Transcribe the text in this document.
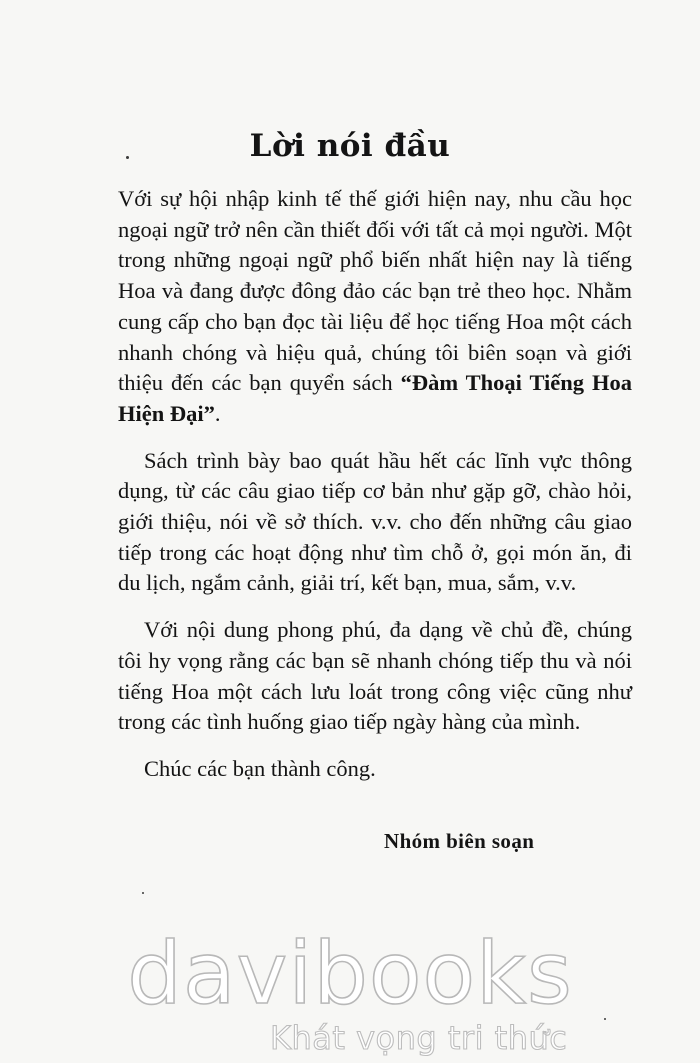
Lời nói đầu

Với sự hội nhập kinh tế thế giới hiện nay, nhu cầu học ngoại ngữ trở nên cần thiết đối với tất cả mọi người. Một trong những ngoại ngữ phổ biến nhất hiện nay là tiếng Hoa và đang được đông đảo các bạn trẻ theo học. Nhằm cung cấp cho bạn đọc tài liệu để học tiếng Hoa một cách nhanh chóng và hiệu quả, chúng tôi biên soạn và giới thiệu đến các bạn quyển sách “Đàm Thoại Tiếng Hoa Hiện Đại”.

Sách trình bày bao quát hầu hết các lĩnh vực thông dụng, từ các câu giao tiếp cơ bản như gặp gỡ, chào hỏi, giới thiệu, nói về sở thích. v.v. cho đến những câu giao tiếp trong các hoạt động như tìm chỗ ở, gọi món ăn, đi du lịch, ngắm cảnh, giải trí, kết bạn, mua, sắm, v.v.

Với nội dung phong phú, đa dạng về chủ đề, chúng tôi hy vọng rằng các bạn sẽ nhanh chóng tiếp thu và nói tiếng Hoa một cách lưu loát trong công việc cũng như trong các tình huống giao tiếp ngày hàng của mình.

Chúc các bạn thành công.

Nhóm biên soạn

davibooks
Khát vọng tri thức
